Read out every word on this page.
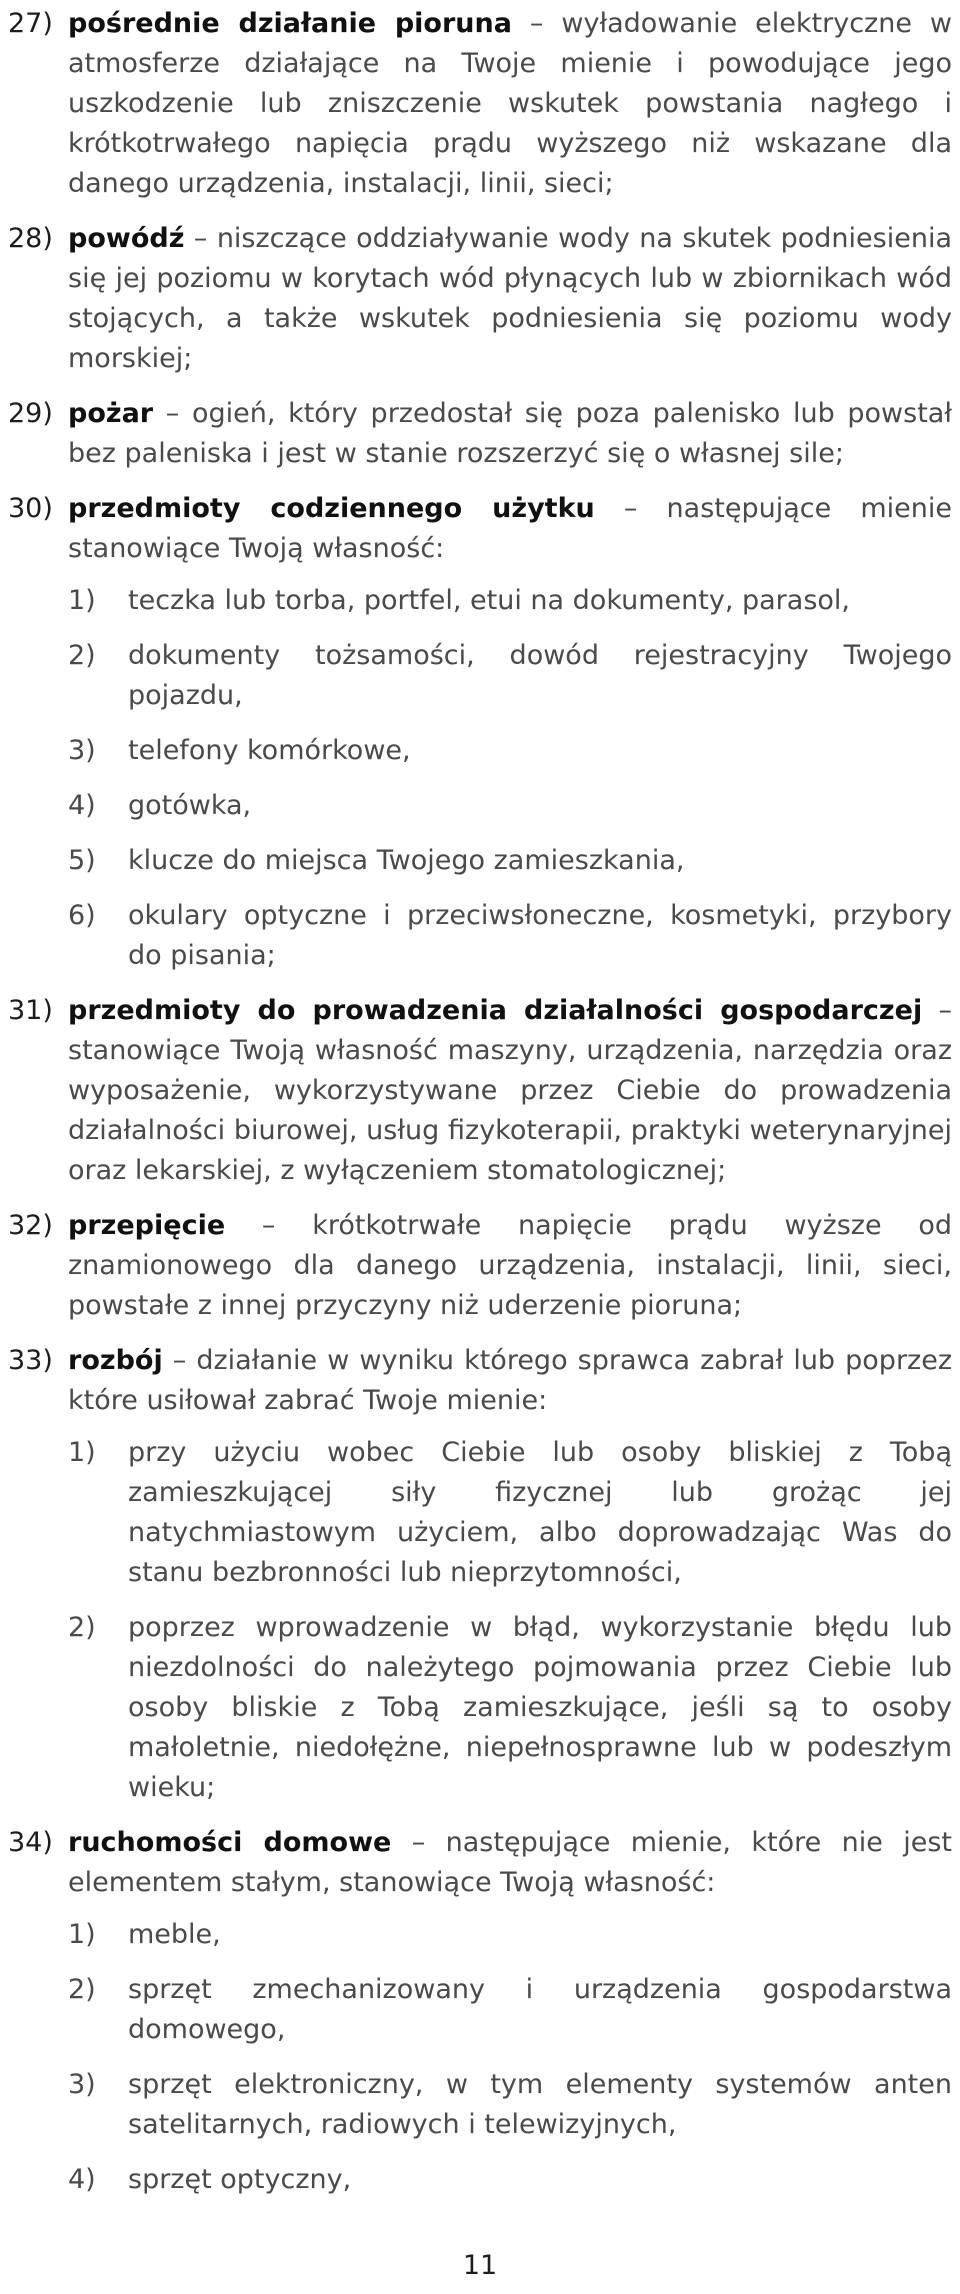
27) pośrednie działanie pioruna – wyładowanie elektryczne w atmosferze działające na Twoje mienie i powodujące jego uszkodzenie lub zniszczenie wskutek powstania nagłego i krótkotrwałego napięcia prądu wyższego niż wskazane dla danego urządzenia, instalacji, linii, sieci;
28) powódź – niszczące oddziaływanie wody na skutek podniesienia się jej poziomu w korytach wód płynących lub w zbiornikach wód stojących, a także wskutek podniesienia się poziomu wody morskiej;
29) pożar – ogień, który przedostał się poza palenisko lub powstał bez paleniska i jest w stanie rozszerzyć się o własnej sile;
30) przedmioty codziennego użytku – następujące mienie stanowiące Twoją własność:
1)	teczka lub torba, portfel, etui na dokumenty, parasol,
2)	dokumenty tożsamości, dowód rejestracyjny Twojego pojazdu,
3)	telefony komórkowe,
4)	gotówka,
5)	klucze do miejsca Twojego zamieszkania,
6)	okulary optyczne i przeciwsłoneczne, kosmetyki, przybory do pisania;
31) przedmioty do prowadzenia działalności gospodarczej – stanowiące Twoją własność maszyny, urządzenia, narzędzia oraz wyposażenie, wykorzystywane przez Ciebie do prowadzenia działalności biurowej, usług fizykoterapii, praktyki weterynaryjnej oraz lekarskiej, z wyłączeniem stomatologicznej;
32) przepięcie – krótkotrwałe napięcie prądu wyższe od znamionowego dla danego urządzenia, instalacji, linii, sieci, powstałe z innej przyczyny niż uderzenie pioruna;
33) rozbój – działanie w wyniku którego sprawca zabrał lub poprzez które usiłował zabrać Twoje mienie:
1)	przy użyciu wobec Ciebie lub osoby bliskiej z Tobą zamieszkującej siły fizycznej lub grożąc jej natychmiastowym użyciem, albo doprowadzając Was do stanu bezbronności lub nieprzytomności,
2)	poprzez wprowadzenie w błąd, wykorzystanie błędu lub niezdolności do należytego pojmowania przez Ciebie lub osoby bliskie z Tobą zamieszkujące, jeśli są to osoby małoletnie, niedołężne, niepełnosprawne lub w podeszłym wieku;
34) ruchomości domowe – następujące mienie, które nie jest elementem stałym, stanowiące Twoją własność:
1)	meble,
2)	sprzęt zmechanizowany i urządzenia gospodarstwa domowego,
3)	sprzęt elektroniczny, w tym elementy systemów anten satelitarnych, radiowych i telewizyjnych,
4)	sprzęt optyczny,
11
